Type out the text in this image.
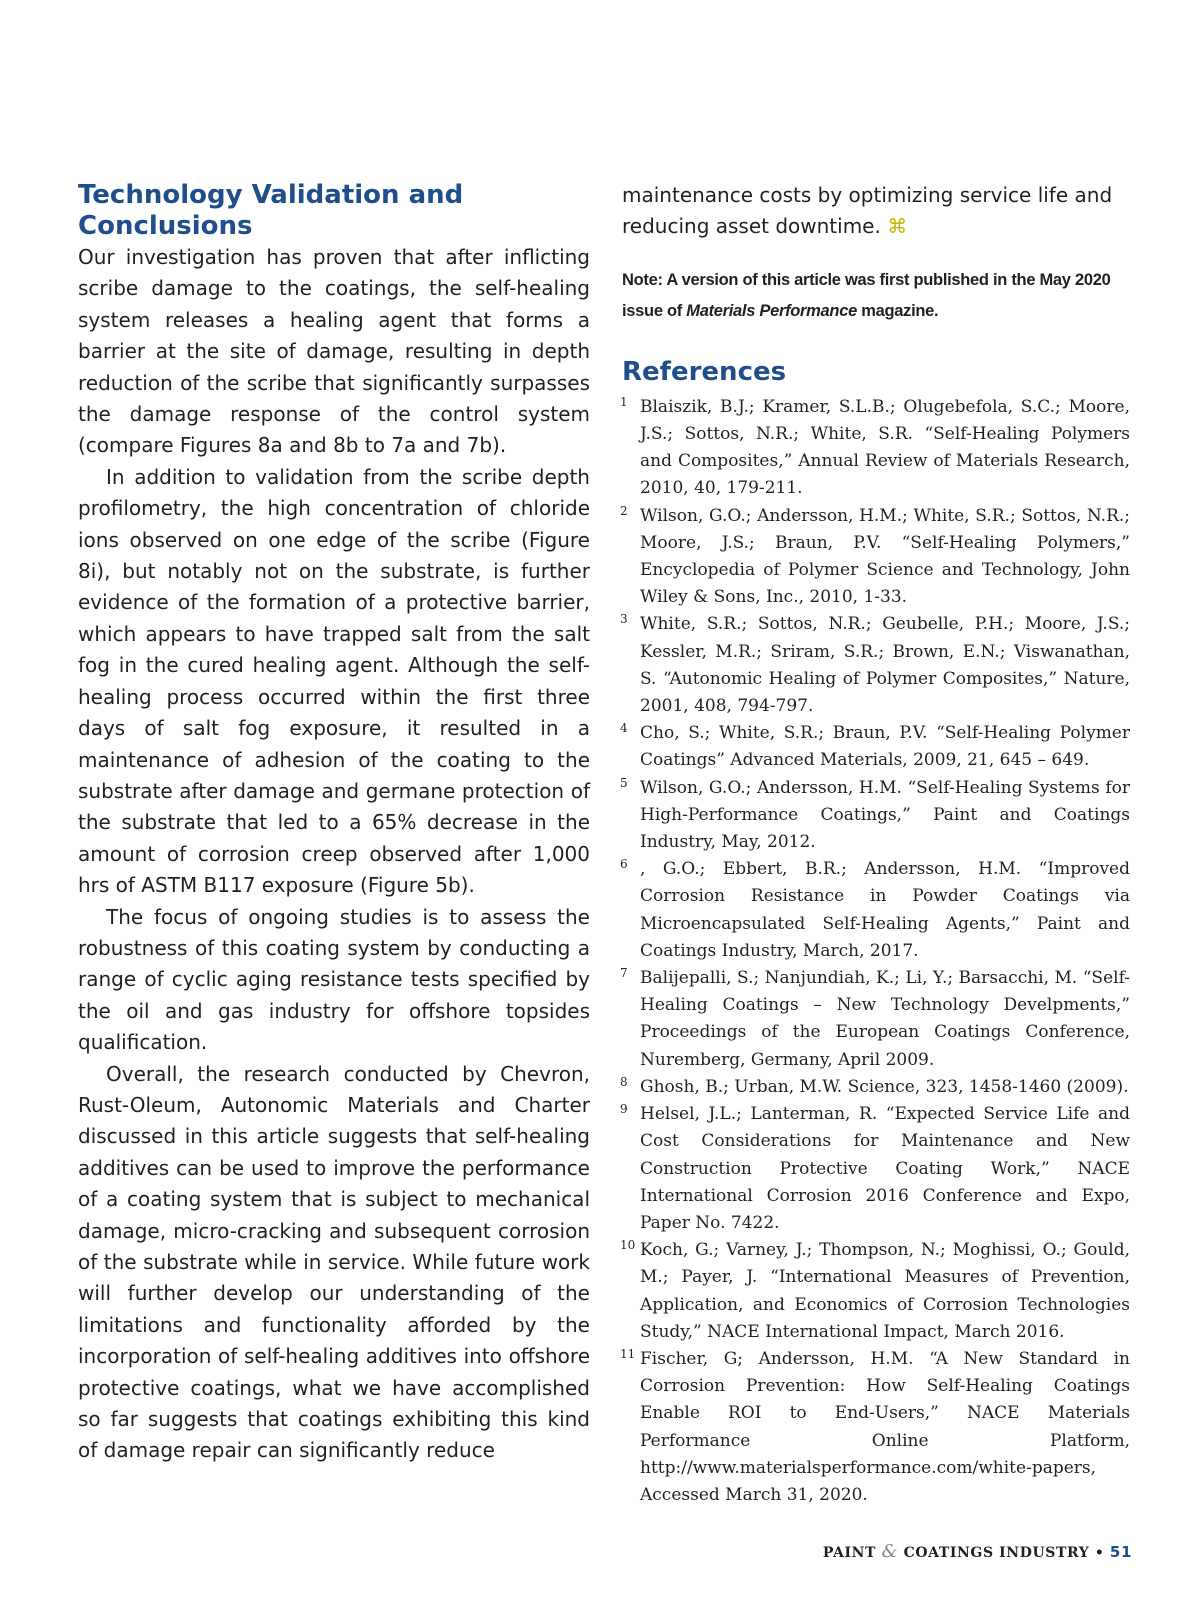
Technology Validation and Conclusions

Our investigation has proven that after inflicting scribe damage to the coatings, the self-healing system releases a healing agent that forms a barrier at the site of damage, resulting in depth reduction of the scribe that significantly surpasses the damage response of the control system (compare Figures 8a and 8b to 7a and 7b).

In addition to validation from the scribe depth profilometry, the high concentration of chloride ions observed on one edge of the scribe (Figure 8i), but notably not on the substrate, is further evidence of the formation of a protective barrier, which appears to have trapped salt from the salt fog in the cured healing agent. Although the self-healing process occurred within the first three days of salt fog exposure, it resulted in a maintenance of adhesion of the coating to the substrate after damage and germane protection of the substrate that led to a 65% decrease in the amount of corrosion creep observed after 1,000 hrs of ASTM B117 exposure (Figure 5b).

The focus of ongoing studies is to assess the robustness of this coating system by conducting a range of cyclic aging resistance tests specified by the oil and gas industry for offshore topsides qualification.

Overall, the research conducted by Chevron, Rust-Oleum, Autonomic Materials and Charter discussed in this article suggests that self-healing additives can be used to improve the performance of a coating system that is subject to mechanical damage, micro-cracking and subsequent corrosion of the substrate while in service. While future work will further develop our understanding of the limitations and functionality afforded by the incorporation of self-healing additives into offshore protective coatings, what we have accomplished so far suggests that coatings exhibiting this kind of damage repair can significantly reduce

maintenance costs by optimizing service life and reducing asset downtime. ⌘

Note: A version of this article was first published in the May 2020 issue of Materials Performance magazine.

References
1 Blaiszik, B.J.; Kramer, S.L.B.; Olugebefola, S.C.; Moore, J.S.; Sottos, N.R.; White, S.R. “Self-Healing Polymers and Composites,” Annual Review of Materials Research, 2010, 40, 179-211.
2 Wilson, G.O.; Andersson, H.M.; White, S.R.; Sottos, N.R.; Moore, J.S.; Braun, P.V. “Self-Healing Polymers,” Encyclopedia of Polymer Science and Technology, John Wiley & Sons, Inc., 2010, 1-33.
3 White, S.R.; Sottos, N.R.; Geubelle, P.H.; Moore, J.S.; Kessler, M.R.; Sriram, S.R.; Brown, E.N.; Viswanathan, S. “Autonomic Healing of Polymer Composites,” Nature, 2001, 408, 794-797.
4 Cho, S.; White, S.R.; Braun, P.V. “Self-Healing Polymer Coatings” Advanced Materials, 2009, 21, 645 – 649.
5 Wilson, G.O.; Andersson, H.M. “Self-Healing Systems for High-Performance Coatings,” Paint and Coatings Industry, May, 2012.
6 , G.O.; Ebbert, B.R.; Andersson, H.M. “Improved Corrosion Resistance in Powder Coatings via Microencapsulated Self-Healing Agents,” Paint and Coatings Industry, March, 2017.
7 Balijepalli, S.; Nanjundiah, K.; Li, Y.; Barsacchi, M. “Self-Healing Coatings – New Technology Develpments,” Proceedings of the European Coatings Conference, Nuremberg, Germany, April 2009.
8 Ghosh, B.; Urban, M.W. Science, 323, 1458-1460 (2009).
9 Helsel, J.L.; Lanterman, R. “Expected Service Life and Cost Considerations for Maintenance and New Construction Protective Coating Work,” NACE International Corrosion 2016 Conference and Expo, Paper No. 7422.
10 Koch, G.; Varney, J.; Thompson, N.; Moghissi, O.; Gould, M.; Payer, J. “International Measures of Prevention, Application, and Economics of Corrosion Technologies Study,” NACE International Impact, March 2016.
11 Fischer, G; Andersson, H.M. “A New Standard in Corrosion Prevention: How Self-Healing Coatings Enable ROI to End-Users,” NACE Materials Performance Online Platform, http://www.materialsperformance.com/white-papers, Accessed March 31, 2020.
PAINT & COATINGS INDUSTRY • 51
